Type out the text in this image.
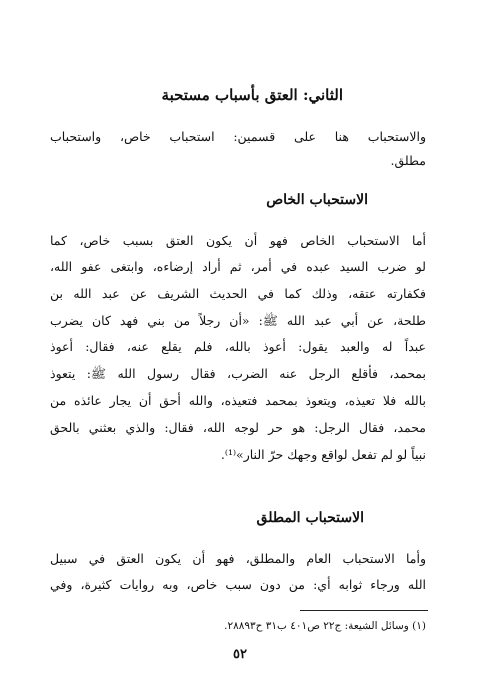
الثاني: العتق بأسباب مستحبة
والاستحباب هنا على قسمين: استحباب خاص، واستحباب
مطلق.
الاستحباب الخاص
أما الاستحباب الخاص فهو أن يكون العتق بسبب خاص، كما
لو ضرب السيد عبده في أمر، ثم أراد إرضاءه، وابتغى عفو الله،
فكفارته عتقه، وذلك كما في الحديث الشريف عن عبد الله بن
طلحة، عن أبي عبد الله ﷺ: «أن رجلاً من بني فهد كان يضرب
عبداً له والعبد يقول: أعوذ بالله، فلم يقلع عنه، فقال: أعوذ
بمحمد، فأقلع الرجل عنه الضرب، فقال رسول الله ﷺ: يتعوذ
بالله فلا تعيذه، ويتعوذ بمحمد فتعيذه، والله أحق أن يجار عائذه من
محمد، فقال الرجل: هو حر لوجه الله، فقال: والذي بعثني بالحق
نبياً لو لم تفعل لواقع وجهك حرّ النار»⁽¹⁾.
الاستحباب المطلق
وأما الاستحباب العام والمطلق، فهو أن يكون العتق في سبيل
الله ورجاء ثوابه أي: من دون سبب خاص، وبه روايات كثيرة، وفي
(١) وسائل الشيعة: ج٢٢ ص٤٠١ ب٣١ ح٢٨٨٩٣.
٥٢
